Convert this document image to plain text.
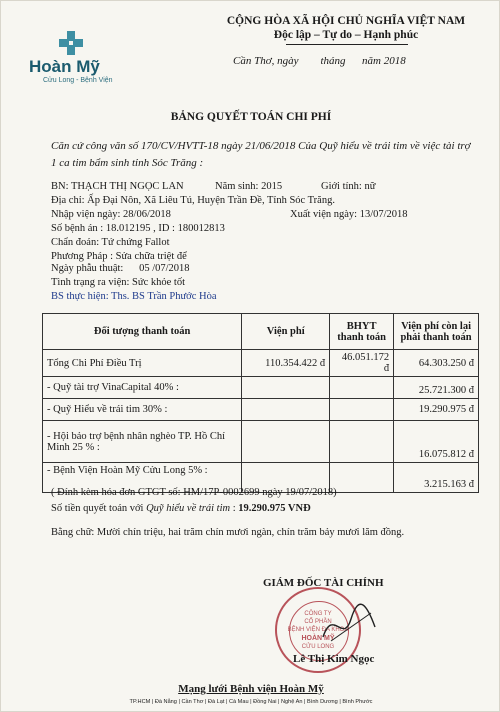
Hoàn Mỹ
Cửu Long - Bệnh Viện
CỘNG HÒA XÃ HỘI CHỦ NGHĨA VIỆT NAM
Độc lập – Tự do – Hạnh phúc
Cần Thơ, ngày        tháng      năm 2018
BẢNG QUYẾT TOÁN CHI PHÍ
Căn cứ công văn số 170/CV/HVTT-18 ngày 21/06/2018 Của Quỹ hiểu về trái tim về việc tài trợ 1 ca tim bẩm sinh tỉnh Sóc Trăng :
BN: THẠCH THỊ NGỌC LAN	Năm sinh: 2015	Giới tính: nữ
Địa chỉ: Ấp Đại Nôn, Xã Liêu Tú, Huyện Trần Đề, Tỉnh Sóc Trăng.
Nhập viện ngày: 28/06/2018	Xuất viện ngày: 13/07/2018
Số bệnh án : 18.012195 , ID : 180012813
Chẩn đoán: Tứ chứng Fallot
Phương Pháp : Sửa chữa triệt để
Ngày phẫu thuật:      05 /07/2018
Tình trạng ra viện: Sức khỏe tốt
BS thực hiện: Ths. BS Trần Phước Hòa
Đối tượng thanh toán	Viện phí	BHYT
thanh toán	Viện phí còn lại
phải thanh toán
Tổng Chi Phí Điều Trị	110.354.422 đ	46.051.172 đ	64.303.250 đ
- Quỹ tài trợ VinaCapital 40% :			25.721.300 đ
- Quỹ Hiểu về trái tim 30% :			19.290.975 đ
- Hội bảo trợ bệnh nhân nghèo TP. Hồ Chí Minh 25 % :			16.075.812 đ
- Bệnh Viện Hoàn Mỹ Cửu Long 5% :			3.215.163 đ
( Đính kèm hóa đơn GTGT số: HM/17P-0002699 ngày 19/07/2018)
Số tiền quyết toán với Quỹ hiểu về trái tim : 19.290.975 VNĐ
Bằng chữ: Mười chín triệu, hai trăm chín mươi ngàn, chín trăm bảy mươi lăm đồng.
GIÁM ĐỐC TÀI CHÍNH
CÔNG TY
CỔ PHẦN
BỆNH VIỆN ĐA KHOA
HOÀN MỸ
CỬU LONG
Lê Thị Kim Ngọc
Mạng lưới Bệnh viện Hoàn Mỹ
TP.HCM | Đà Nẵng | Cần Thơ | Đà Lạt | Cà Mau | Đồng Nai | Nghệ An | Bình Dương | Bình Phước
